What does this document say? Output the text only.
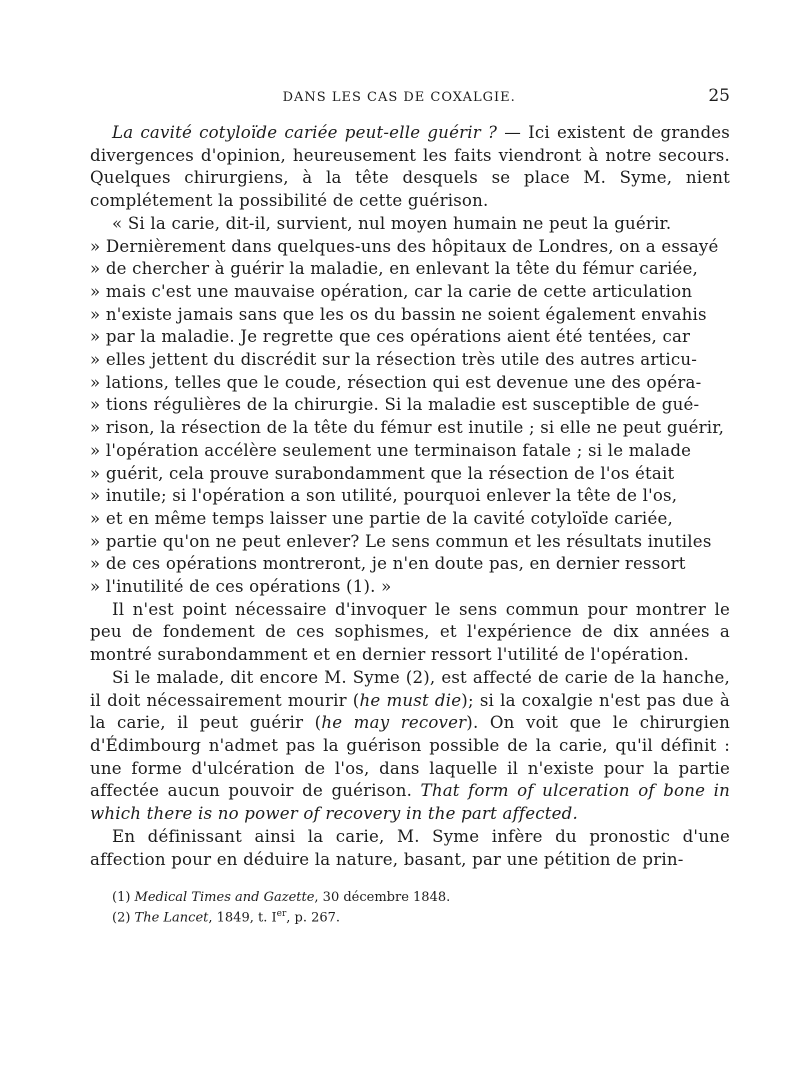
DANS LES CAS DE COXALGIE.	25

La cavité cotyloïde cariée peut-elle guérir ? — Ici existent de grandes divergences d'opinion, heureusement les faits viendront à notre secours. Quelques chirurgiens, à la tête desquels se place M. Syme, nient complétement la possibilité de cette guérison.

« Si la carie, dit-il, survient, nul moyen humain ne peut la guérir.
» Dernièrement dans quelques-uns des hôpitaux de Londres, on a essayé
» de chercher à guérir la maladie, en enlevant la tête du fémur cariée,
» mais c'est une mauvaise opération, car la carie de cette articulation
» n'existe jamais sans que les os du bassin ne soient également envahis
» par la maladie. Je regrette que ces opérations aient été tentées, car
» elles jettent du discrédit sur la résection très utile des autres articu-
» lations, telles que le coude, résection qui est devenue une des opéra-
» tions régulières de la chirurgie. Si la maladie est susceptible de gué-
» rison, la résection de la tête du fémur est inutile ; si elle ne peut guérir,
» l'opération accélère seulement une terminaison fatale ; si le malade
» guérit, cela prouve surabondamment que la résection de l'os était
» inutile; si l'opération a son utilité, pourquoi enlever la tête de l'os,
» et en même temps laisser une partie de la cavité cotyloïde cariée,
» partie qu'on ne peut enlever? Le sens commun et les résultats inutiles
» de ces opérations montreront, je n'en doute pas, en dernier ressort
» l'inutilité de ces opérations (1). »

Il n'est point nécessaire d'invoquer le sens commun pour montrer le peu de fondement de ces sophismes, et l'expérience de dix années a montré surabondamment et en dernier ressort l'utilité de l'opération.

Si le malade, dit encore M. Syme (2), est affecté de carie de la hanche, il doit nécessairement mourir (he must die); si la coxalgie n'est pas due à la carie, il peut guérir (he may recover). On voit que le chirurgien d'Édimbourg n'admet pas la guérison possible de la carie, qu'il définit : une forme d'ulcération de l'os, dans laquelle il n'existe pour la partie affectée aucun pouvoir de guérison. That form of ulceration of bone in which there is no power of recovery in the part affected.

En définissant ainsi la carie, M. Syme infère du pronostic d'une affection pour en déduire la nature, basant, par une pétition de prin-

(1) Medical Times and Gazette, 30 décembre 1848.
(2) The Lancet, 1849, t. Ier, p. 267.
